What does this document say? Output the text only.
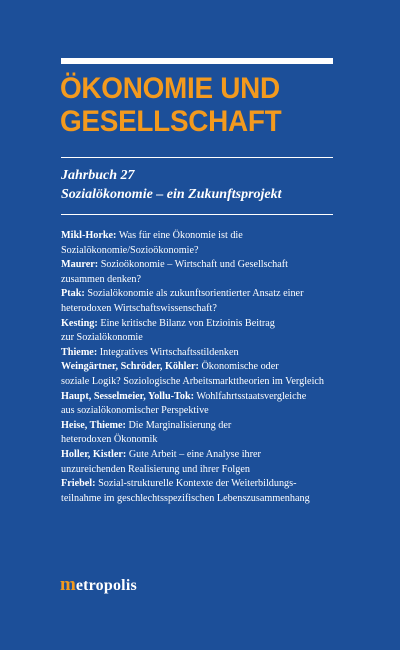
ÖKONOMIE UND
GESELLSCHAFT
Jahrbuch 27
Sozialökonomie – ein Zukunftsprojekt

Mikl-Horke: Was für eine Ökonomie ist die
Sozialökonomie/Sozioökonomie?

Maurer: Sozioökonomie – Wirtschaft und Gesellschaft
zusammen denken?

Ptak: Sozialökonomie als zukunftsorientierter Ansatz einer
heterodoxen Wirtschaftswissenschaft?

Kesting: Eine kritische Bilanz von Etzioinis Beitrag
zur Sozialökonomie

Thieme: Integratives Wirtschaftsstildenken

Weingärtner, Schröder, Köhler: Ökonomische oder
soziale Logik? Soziologische Arbeitsmarkttheorien im Vergleich

Haupt, Sesselmeier, Yollu-Tok: Wohlfahrtsstaatsvergleiche
aus sozialökonomischer Perspektive

Heise, Thieme: Die Marginalisierung der
heterodoxen Ökonomik

Holler, Kistler: Gute Arbeit – eine Analyse ihrer
unzureichenden Realisierung und ihrer Folgen

Friebel: Sozial-strukturelle Kontexte der Weiterbildungs-
teilnahme im geschlechtsspezifischen Lebenszusammenhang

m etropolis
